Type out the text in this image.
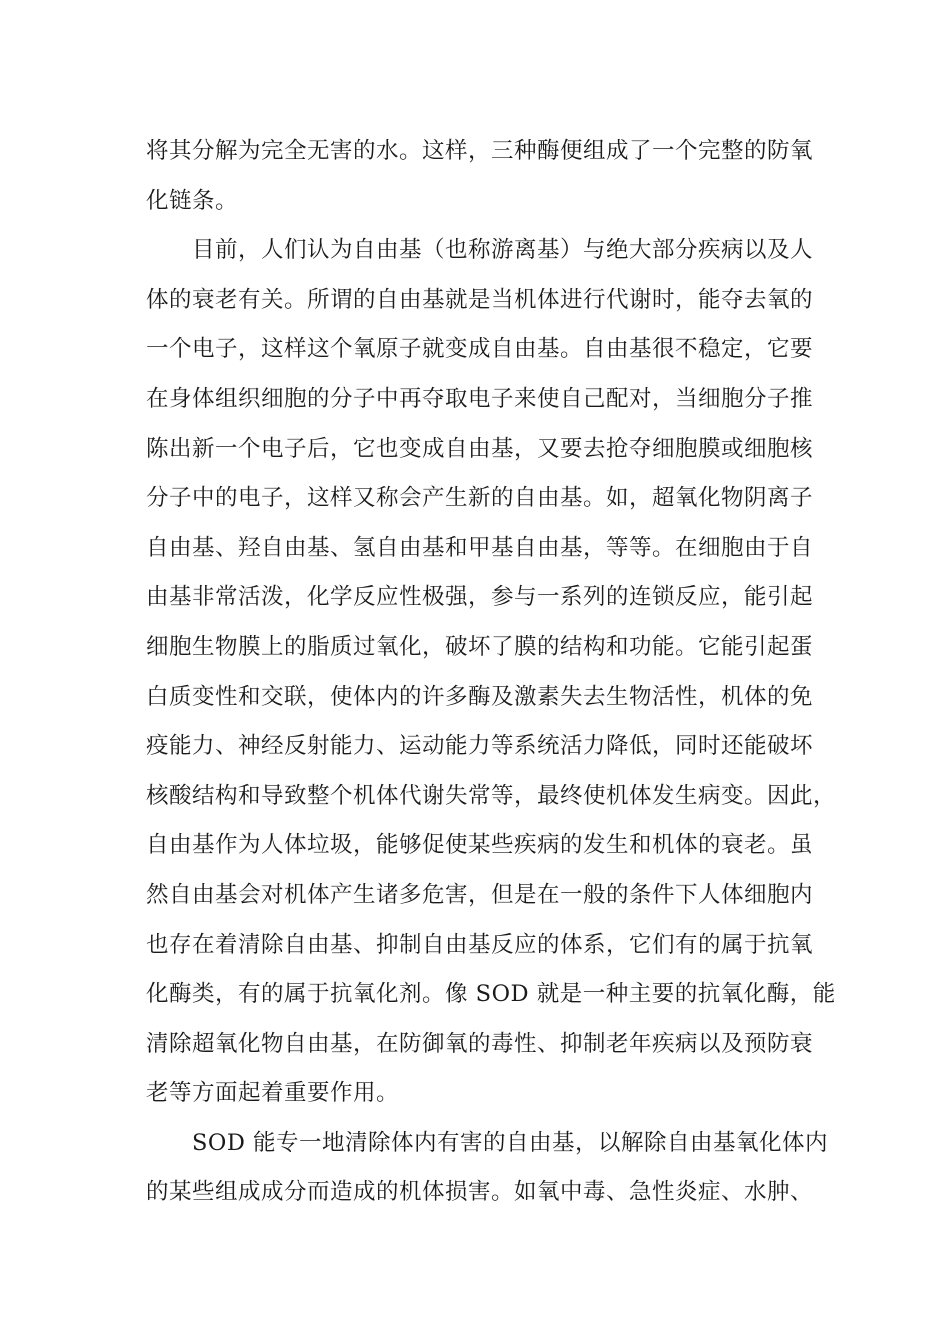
将其分解为完全无害的水。这样，三种酶便组成了一个完整的防氧
化链条。
目前，人们认为自由基（也称游离基）与绝大部分疾病以及人
体的衰老有关。所谓的自由基就是当机体进行代谢时，能夺去氧的
一个电子，这样这个氧原子就变成自由基。自由基很不稳定，它要
在身体组织细胞的分子中再夺取电子来使自己配对，当细胞分子推
陈出新一个电子后，它也变成自由基，又要去抢夺细胞膜或细胞核
分子中的电子，这样又称会产生新的自由基。如，超氧化物阴离子
自由基、羟自由基、氢自由基和甲基自由基，等等。在细胞由于自
由基非常活泼，化学反应性极强，参与一系列的连锁反应，能引起
细胞生物膜上的脂质过氧化，破坏了膜的结构和功能。它能引起蛋
白质变性和交联，使体内的许多酶及激素失去生物活性，机体的免
疫能力、神经反射能力、运动能力等系统活力降低，同时还能破坏
核酸结构和导致整个机体代谢失常等，最终使机体发生病变。因此，
自由基作为人体垃圾，能够促使某些疾病的发生和机体的衰老。虽
然自由基会对机体产生诸多危害，但是在一般的条件下人体细胞内
也存在着清除自由基、抑制自由基反应的体系，它们有的属于抗氧
化酶类，有的属于抗氧化剂。像 SOD 就是一种主要的抗氧化酶，能
清除超氧化物自由基，在防御氧的毒性、抑制老年疾病以及预防衰
老等方面起着重要作用。
SOD 能专一地清除体内有害的自由基，以解除自由基氧化体内
的某些组成成分而造成的机体损害。如氧中毒、急性炎症、水肿、
